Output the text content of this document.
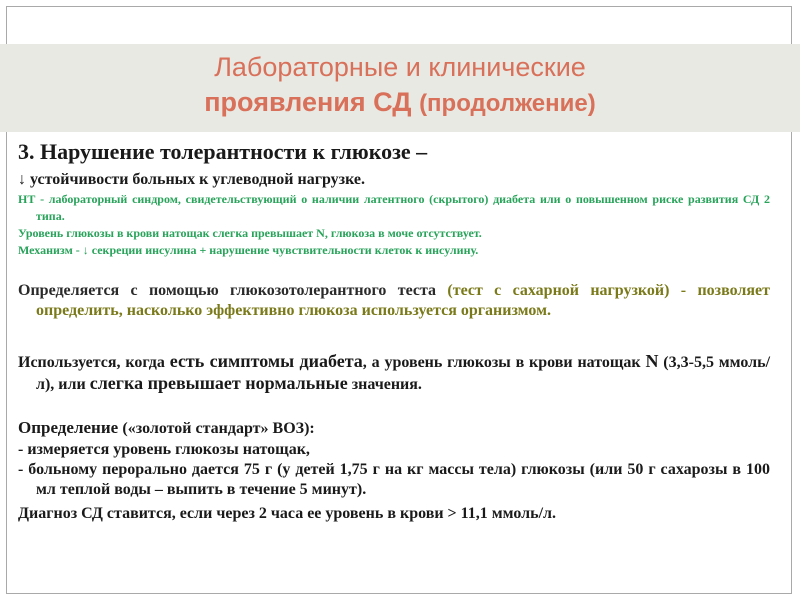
Лабораторные и клинические
проявления СД (продолжение)

3. Нарушение толерантности к глюкозе –

↓ устойчивости больных к углеводной нагрузке.

НТ - лабораторный синдром, свидетельствующий о наличии латентного (скрытого) диабета или о повышенном риске развития СД 2 типа.

Уровень глюкозы в крови натощак слегка превышает N, глюкоза в моче отсутствует.

Механизм - ↓ секреции инсулина + нарушение чувствительности клеток к инсулину.

Определяется с помощью глюкозотолерантного теста (тест с сахарной нагрузкой) - позволяет определить, насколько эффективно глюкоза используется организмом.

Используется, когда есть симптомы диабета, а уровень глюкозы в крови натощак N (3,3-5,5 ммоль/л), или слегка превышает нормальные значения.

Определение («золотой стандарт» ВОЗ):

- измеряется уровень глюкозы натощак,

- больному перорально дается 75 г (у детей 1,75 г на кг массы тела) глюкозы (или 50 г сахарозы в 100 мл теплой воды – выпить в течение 5 минут).

Диагноз СД ставится, если через 2 часа ее уровень в крови > 11,1 ммоль/л.
